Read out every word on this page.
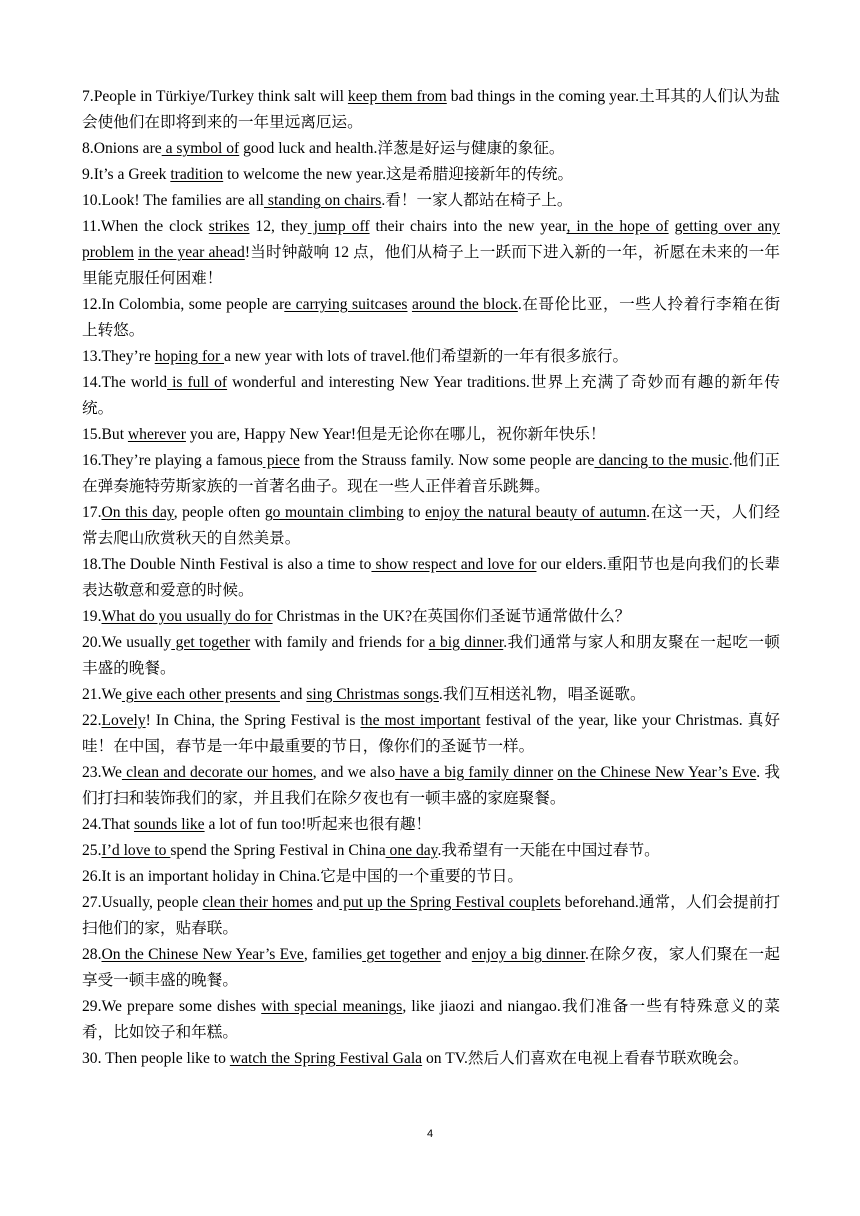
7.People in Türkiye/Turkey think salt will keep them from bad things in the coming year.土耳其的人们认为盐会使他们在即将到来的一年里远离厄运。

8.Onions are a symbol of good luck and health.洋葱是好运与健康的象征。

9.It’s a Greek tradition to welcome the new year.这是希腊迎接新年的传统。

10.Look! The families are all standing on chairs.看！一家人都站在椅子上。

11.When the clock strikes 12, they jump off their chairs into the new year, in the hope of getting over any problem in the year ahead!当时钟敲响 12 点，他们从椅子上一跃而下进入新的一年，祈愿在未来的一年里能克服任何困难！

12.In Colombia, some people are carrying suitcases around the block.在哥伦比亚，一些人拎着行李箱在街上转悠。

13.They’re hoping for a new year with lots of travel.他们希望新的一年有很多旅行。

14.The world is full of wonderful and interesting New Year traditions.世界上充满了奇妙而有趣的新年传统。

15.But wherever you are, Happy New Year!但是无论你在哪儿，祝你新年快乐！

16.They’re playing a famous piece from the Strauss family. Now some people are dancing to the music.他们正在弹奏施特劳斯家族的一首著名曲子。现在一些人正伴着音乐跳舞。

17.On this day, people often go mountain climbing to enjoy the natural beauty of autumn.在这一天，人们经常去爬山欣赏秋天的自然美景。

18.The Double Ninth Festival is also a time to show respect and love for our elders.重阳节也是向我们的长辈表达敬意和爱意的时候。

19.What do you usually do for Christmas in the UK?在英国你们圣诞节通常做什么？

20.We usually get together with family and friends for a big dinner.我们通常与家人和朋友聚在一起吃一顿丰盛的晚餐。

21.We give each other presents and sing Christmas songs.我们互相送礼物，唱圣诞歌。

22.Lovely! In China, the Spring Festival is the most important festival of the year, like your Christmas. 真好哇！在中国，春节是一年中最重要的节日，像你们的圣诞节一样。

23.We clean and decorate our homes, and we also have a big family dinner on the Chinese New Year’s Eve. 我们打扫和装饰我们的家，并且我们在除夕夜也有一顿丰盛的家庭聚餐。

24.That sounds like a lot of fun too!听起来也很有趣！

25.I’d love to spend the Spring Festival in China one day.我希望有一天能在中国过春节。

26.It is an important holiday in China.它是中国的一个重要的节日。

27.Usually, people clean their homes and put up the Spring Festival couplets beforehand.通常，人们会提前打扫他们的家，贴春联。

28.On the Chinese New Year’s Eve, families get together and enjoy a big dinner.在除夕夜，家人们聚在一起享受一顿丰盛的晚餐。

29.We prepare some dishes with special meanings, like jiaozi and niangao.我们准备一些有特殊意义的菜肴，比如饺子和年糕。

30. Then people like to watch the Spring Festival Gala on TV.然后人们喜欢在电视上看春节联欢晚会。

4
